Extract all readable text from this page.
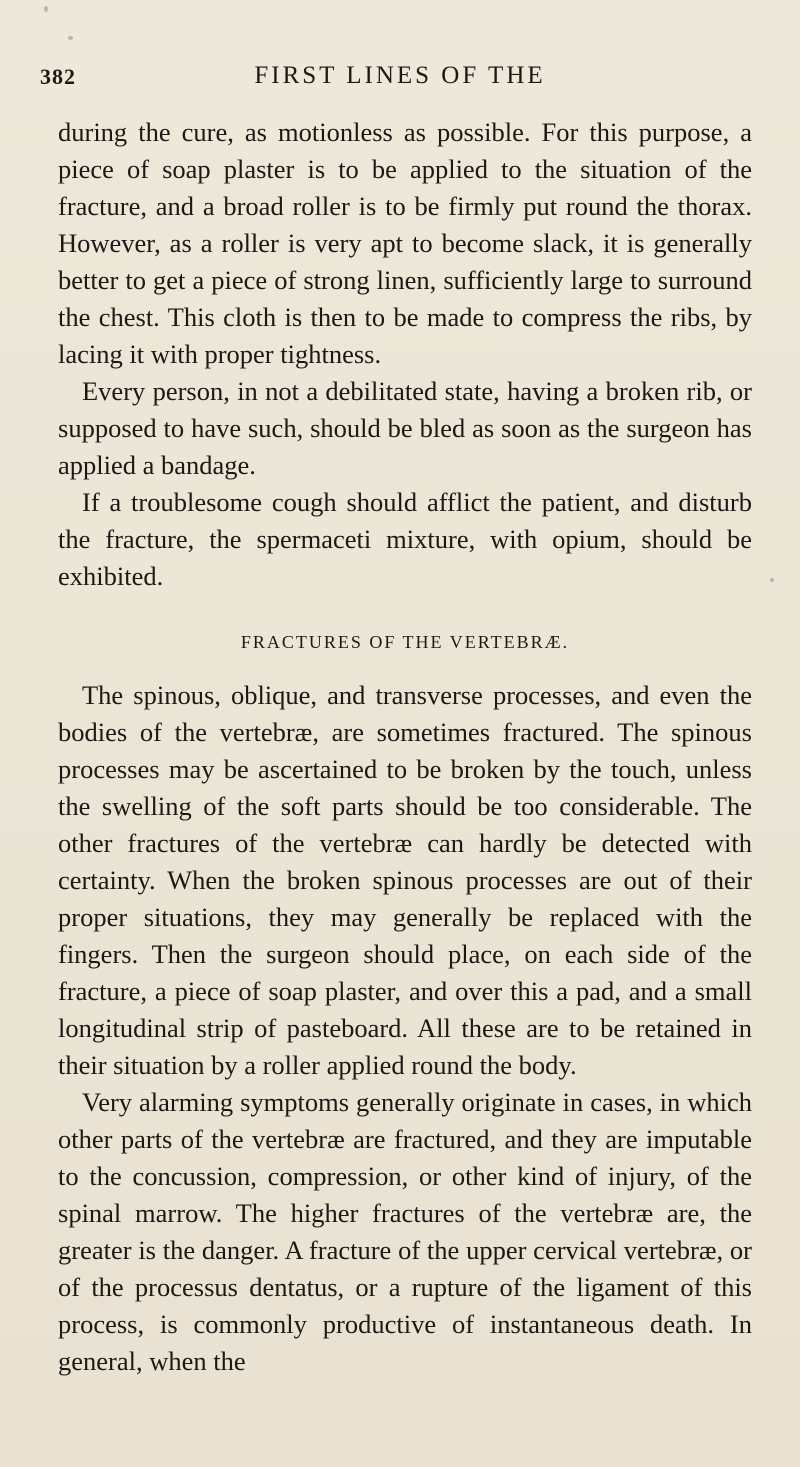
382	FIRST LINES OF THE

during the cure, as motionless as possible. For this purpose, a piece of soap plaster is to be applied to the situation of the fracture, and a broad roller is to be firmly put round the thorax. However, as a roller is very apt to become slack, it is generally better to get a piece of strong linen, sufficiently large to surround the chest. This cloth is then to be made to compress the ribs, by lacing it with proper tightness.

Every person, in not a debilitated state, having a broken rib, or supposed to have such, should be bled as soon as the surgeon has applied a bandage.

If a troublesome cough should afflict the patient, and disturb the fracture, the spermaceti mixture, with opium, should be exhibited.

FRACTURES OF THE VERTEBRÆ.

The spinous, oblique, and transverse processes, and even the bodies of the vertebræ, are sometimes fractured. The spinous processes may be ascertained to be broken by the touch, unless the swelling of the soft parts should be too considerable. The other fractures of the vertebræ can hardly be detected with certainty. When the broken spinous processes are out of their proper situations, they may generally be replaced with the fingers. Then the surgeon should place, on each side of the fracture, a piece of soap plaster, and over this a pad, and a small longitudinal strip of pasteboard. All these are to be retained in their situation by a roller applied round the body.

Very alarming symptoms generally originate in cases, in which other parts of the vertebræ are fractured, and they are imputable to the concussion, compression, or other kind of injury, of the spinal marrow. The higher fractures of the vertebræ are, the greater is the danger. A fracture of the upper cervical vertebræ, or of the processus dentatus, or a rupture of the ligament of this process, is commonly productive of instantaneous death. In general, when the
